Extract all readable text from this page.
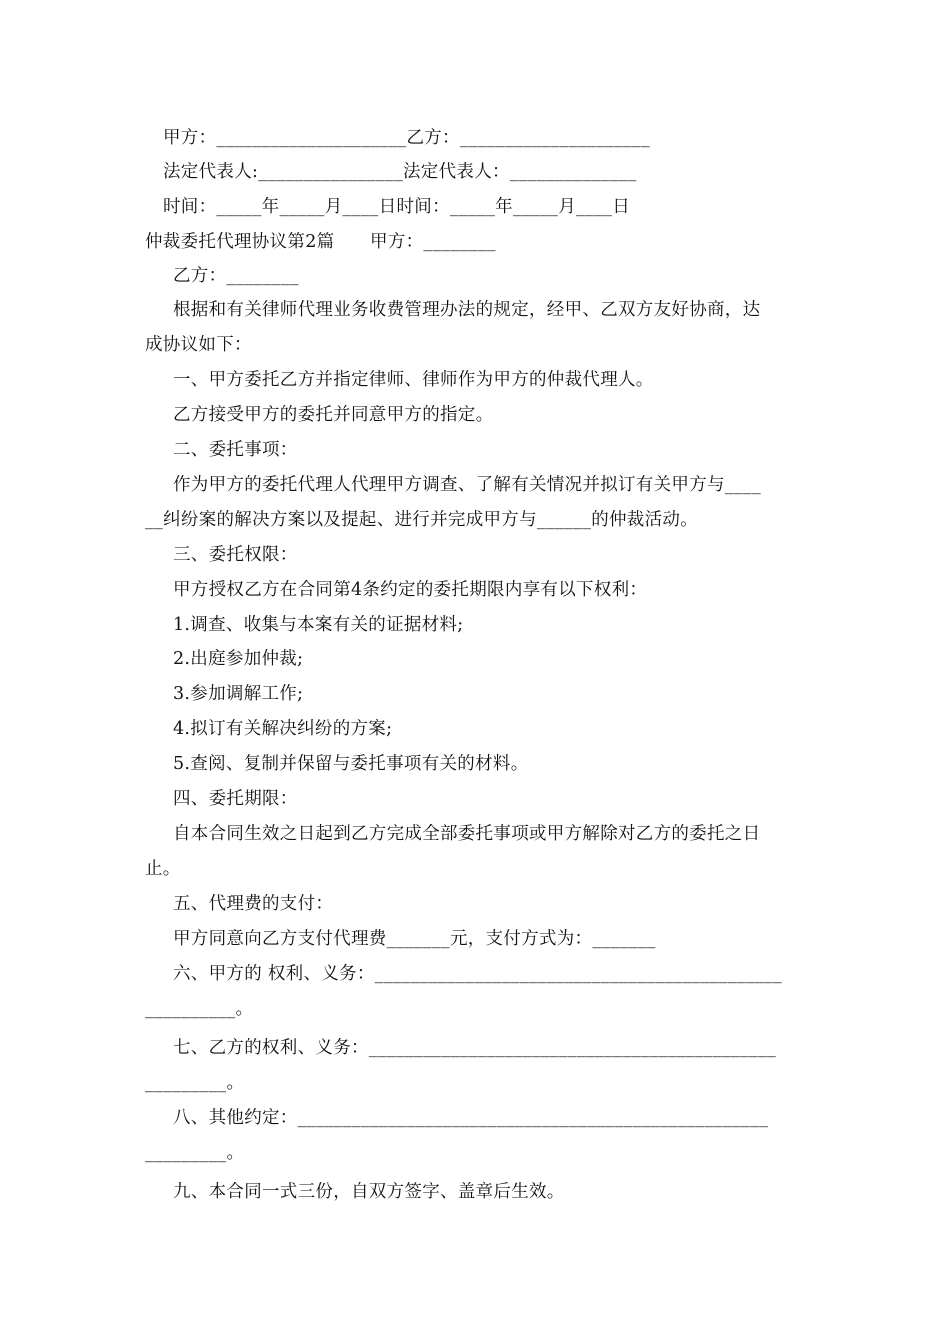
甲方：_____________________乙方：_____________________
法定代表人:________________法定代表人：______________
时间：_____年_____月____日时间：_____年_____月____日
仲裁委托代理协议第2篇　　甲方：________
乙方：________
根据和有关律师代理业务收费管理办法的规定，经甲、乙双方友好协商，达
成协议如下：
一、甲方委托乙方并指定律师、律师作为甲方的仲裁代理人。
乙方接受甲方的委托并同意甲方的指定。
二、委托事项：
作为甲方的委托代理人代理甲方调查、了解有关情况并拟订有关甲方与____
__纠纷案的解决方案以及提起、进行并完成甲方与______的仲裁活动。
三、委托权限：
甲方授权乙方在合同第4条约定的委托期限内享有以下权利：
1.调查、收集与本案有关的证据材料;
2.出庭参加仲裁;
3.参加调解工作;
4.拟订有关解决纠纷的方案;
5.查阅、复制并保留与委托事项有关的材料。
四、委托期限：
自本合同生效之日起到乙方完成全部委托事项或甲方解除对乙方的委托之日
止。
五、代理费的支付：
甲方同意向乙方支付代理费_______元，支付方式为：_______
六、甲方的 权利、义务：_____________________________________________
__________。
七、乙方的权利、义务：_____________________________________________
_________。
八、其他约定：____________________________________________________
_________。
九、本合同一式三份，自双方签字、盖章后生效。
